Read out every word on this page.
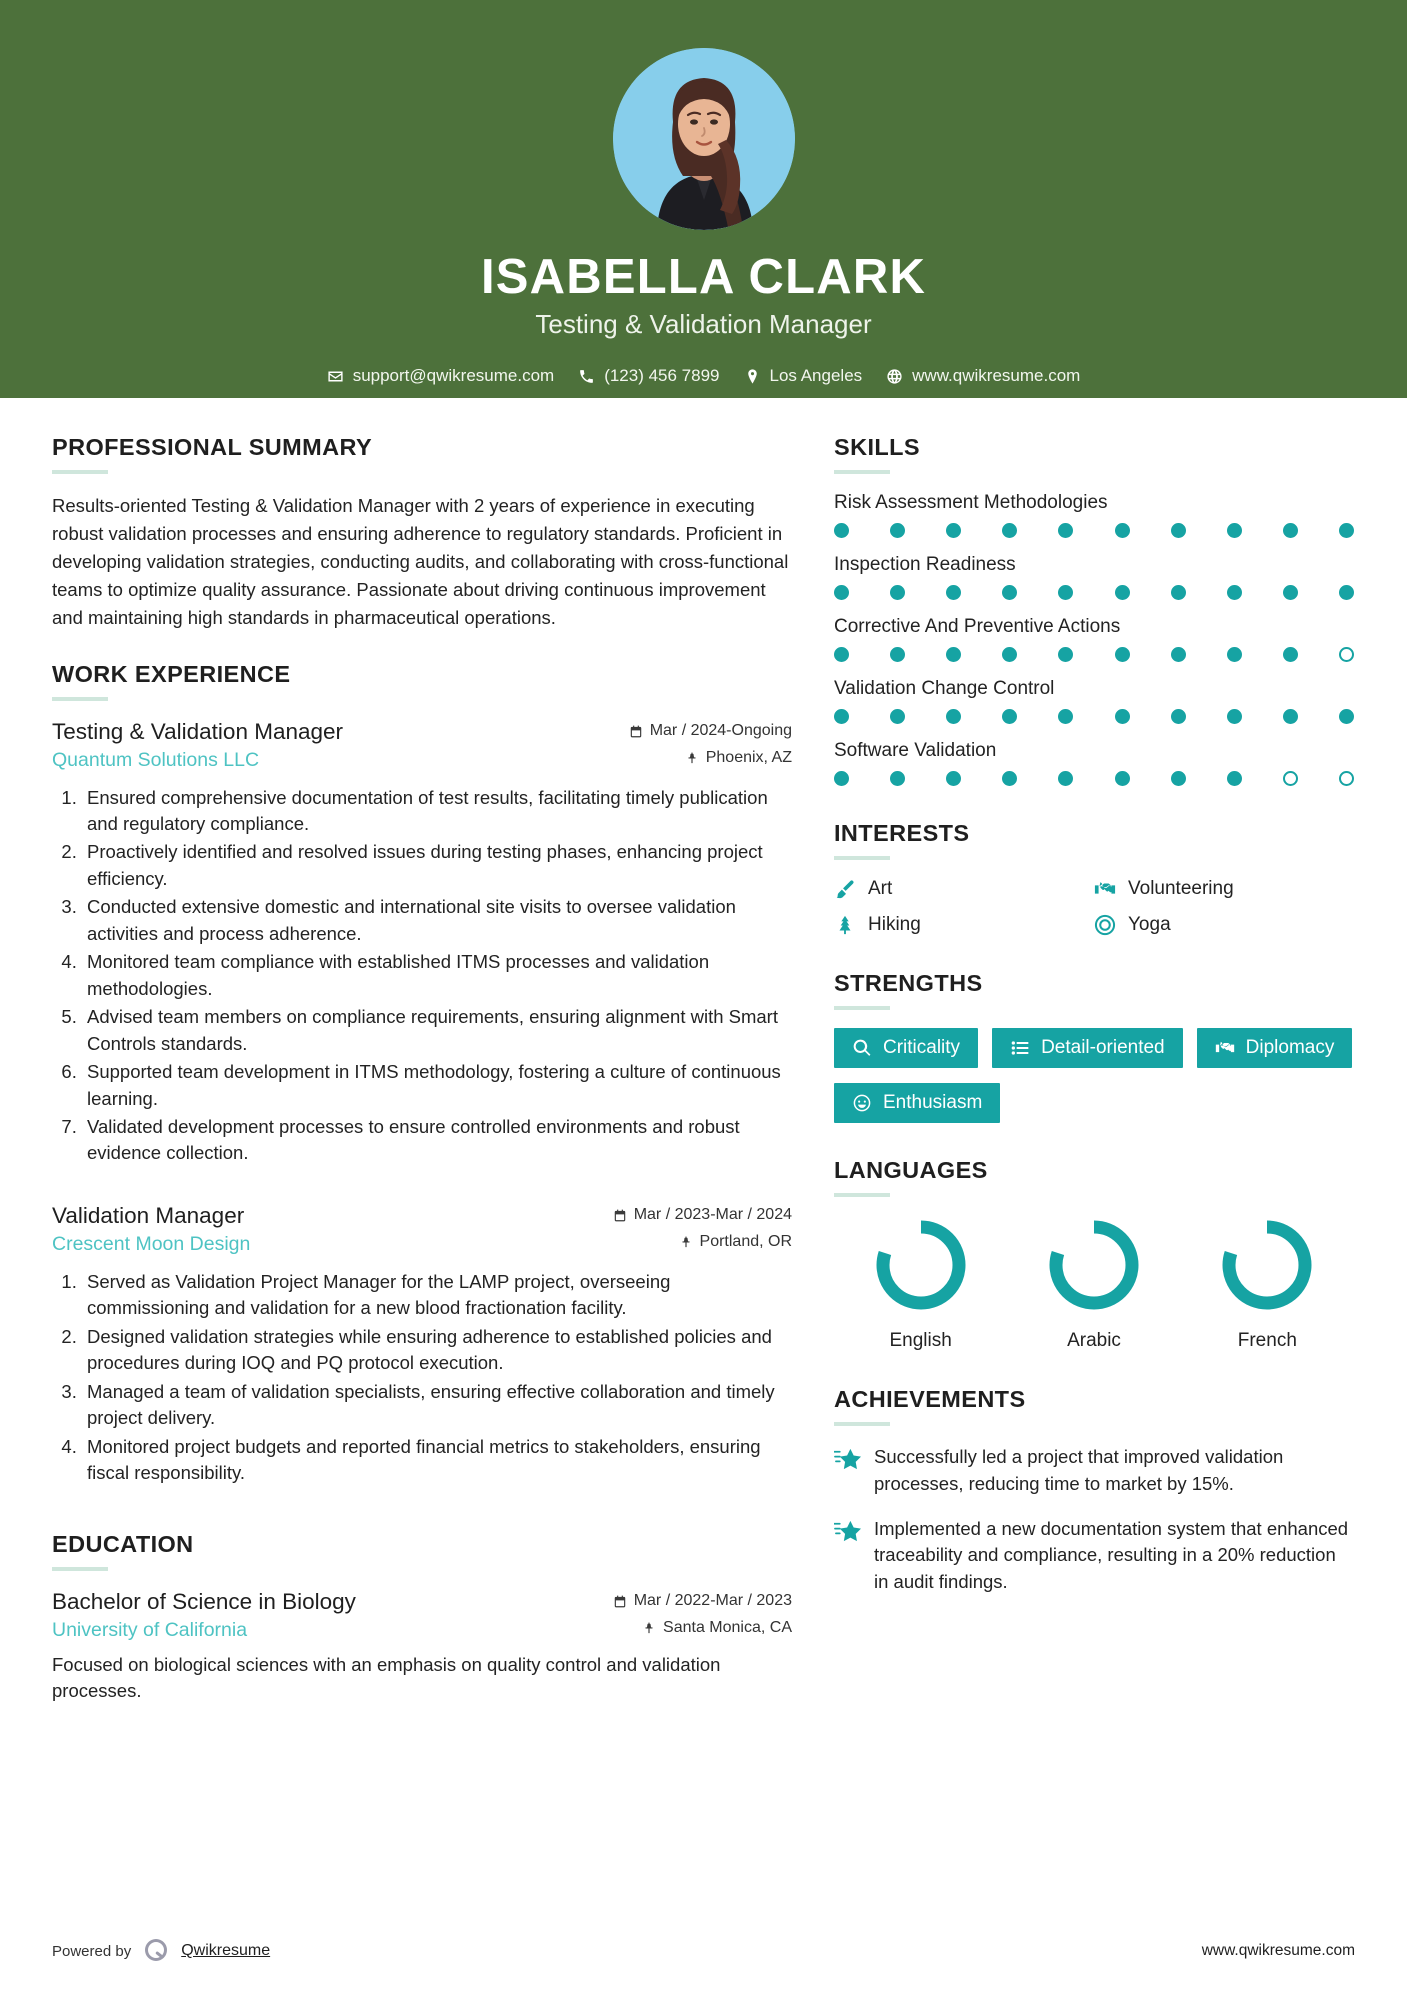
ISABELLA CLARK
Testing & Validation Manager
support@qwikresume.com	(123) 456 7899	Los Angeles	www.qwikresume.com
PROFESSIONAL SUMMARY
Results-oriented Testing & Validation Manager with 2 years of experience in executing robust validation processes and ensuring adherence to regulatory standards. Proficient in developing validation strategies, conducting audits, and collaborating with cross-functional teams to optimize quality assurance. Passionate about driving continuous improvement and maintaining high standards in pharmaceutical operations.
WORK EXPERIENCE
Testing & Validation Manager	Mar / 2024-Ongoing
Quantum Solutions LLC	Phoenix, AZ
1. Ensured comprehensive documentation of test results, facilitating timely publication and regulatory compliance.
2. Proactively identified and resolved issues during testing phases, enhancing project efficiency.
3. Conducted extensive domestic and international site visits to oversee validation activities and process adherence.
4. Monitored team compliance with established ITMS processes and validation methodologies.
5. Advised team members on compliance requirements, ensuring alignment with Smart Controls standards.
6. Supported team development in ITMS methodology, fostering a culture of continuous learning.
7. Validated development processes to ensure controlled environments and robust evidence collection.
Validation Manager	Mar / 2023-Mar / 2024
Crescent Moon Design	Portland, OR
1. Served as Validation Project Manager for the LAMP project, overseeing commissioning and validation for a new blood fractionation facility.
2. Designed validation strategies while ensuring adherence to established policies and procedures during IOQ and PQ protocol execution.
3. Managed a team of validation specialists, ensuring effective collaboration and timely project delivery.
4. Monitored project budgets and reported financial metrics to stakeholders, ensuring fiscal responsibility.
EDUCATION
Bachelor of Science in Biology	Mar / 2022-Mar / 2023
University of California	Santa Monica, CA
Focused on biological sciences with an emphasis on quality control and validation processes.
SKILLS
Risk Assessment Methodologies
Inspection Readiness
Corrective And Preventive Actions
Validation Change Control
Software Validation
INTERESTS
Art	Volunteering
Hiking	Yoga
STRENGTHS
Criticality	Detail-oriented	Diplomacy
Enthusiasm
LANGUAGES
English	Arabic	French
ACHIEVEMENTS
Successfully led a project that improved validation processes, reducing time to market by 15%.
Implemented a new documentation system that enhanced traceability and compliance, resulting in a 20% reduction in audit findings.
Powered by	Qwikresume	www.qwikresume.com
